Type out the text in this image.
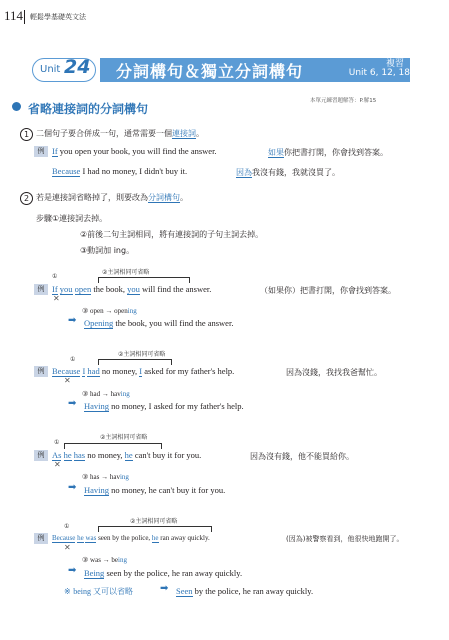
114 輕鬆學基礎英文法
Unit 24 分詞構句＆獨立分詞構句	複習
Unit 6, 12, 18
本單元練習題解答：P.解15
省略連接詞的分詞構句
1 二個句子要合併成一句，通常需要一個連接詞。
例 If you open your book, you will find the answer.	如果你把書打開，你會找到答案。
Because I had no money, I didn't buy it.	因為我沒有錢，我就沒買了。
2 若是連接詞省略掉了，則要改為分詞構句。
步驟①連接詞去掉。
②前後二句主詞相同，將有連接詞的子句主詞去掉。
③動詞加 ing。
②主詞相同可省略
①
例 If you open the book, you will find the answer.	（如果你）把書打開，你會找到答案。
✕
③ open → opening
➡ Opening the book, you will find the answer.
②主詞相同可省略
①
例 Because I had no money, I asked for my father's help.	因為沒錢，我找我爸幫忙。
✕
③ had → having
➡ Having no money, I asked for my father's help.
②主詞相同可省略
①
例 As he has no money, he can't buy it for you.	因為沒有錢，他不能買給你。
✕
③ has → having
➡ Having no money, he can't buy it for you.
②主詞相同可省略
①
例	Because he was seen by the police, he ran away quickly.	(因為)被警察看到，他很快地跑開了。
✕
③ was → being
➡ Being seen by the police, he ran away quickly.
※ being 又可以省略	➡ Seen by the police, he ran away quickly.
